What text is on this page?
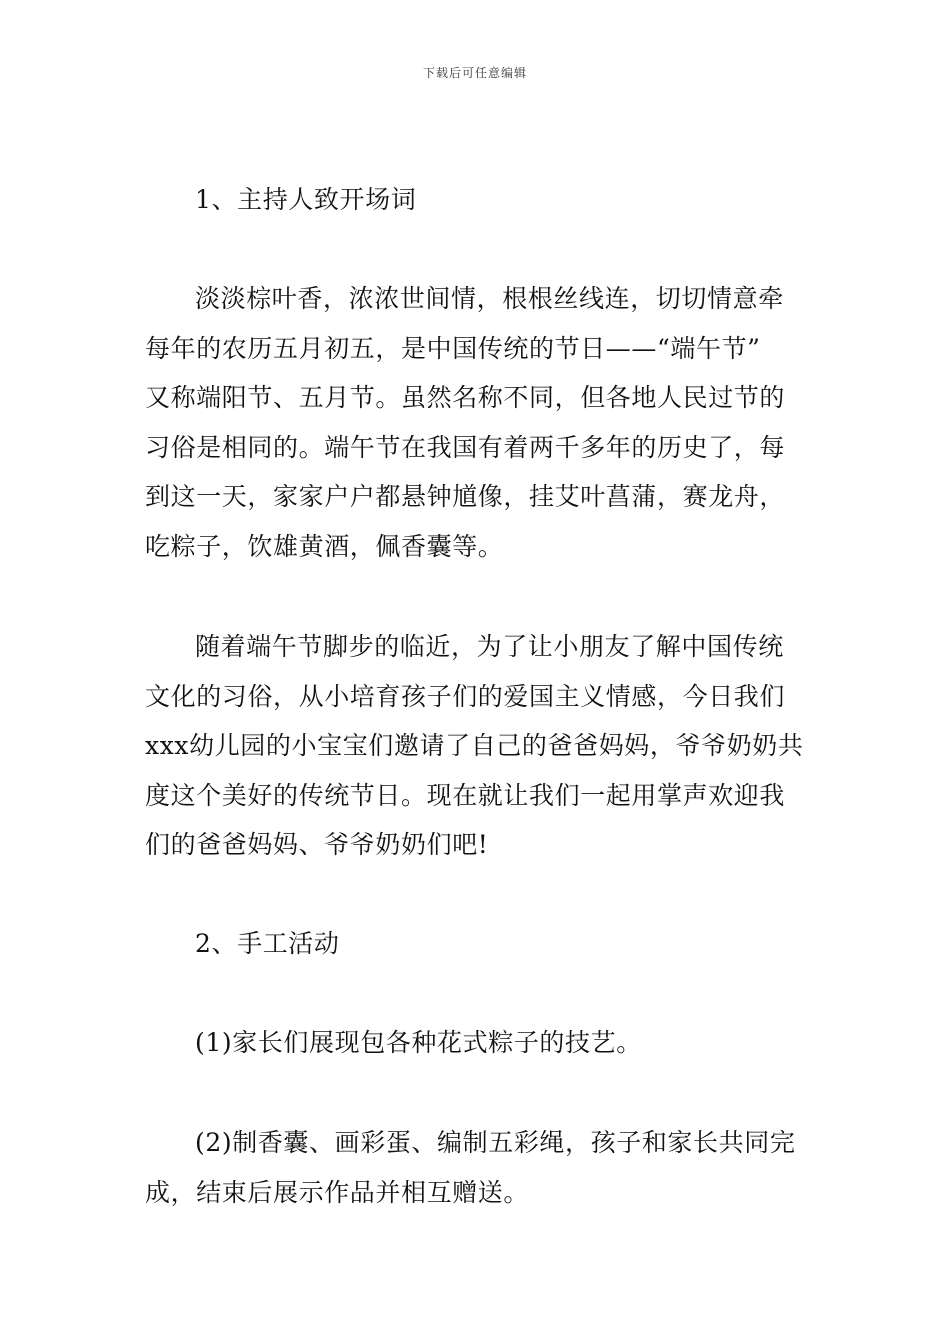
下载后可任意编辑
1、主持人致开场词
淡淡棕叶香，浓浓世间情，根根丝线连，切切情意牵
每年的农历五月初五，是中国传统的节日——“端午节”
又称端阳节、五月节。虽然名称不同，但各地人民过节的
习俗是相同的。端午节在我国有着两千多年的历史了，每
到这一天，家家户户都悬钟馗像，挂艾叶菖蒲，赛龙舟，
吃粽子，饮雄黄酒，佩香囊等。
随着端午节脚步的临近，为了让小朋友了解中国传统
文化的习俗，从小培育孩子们的爱国主义情感，今日我们
xxx幼儿园的小宝宝们邀请了自己的爸爸妈妈，爷爷奶奶共
度这个美好的传统节日。现在就让我们一起用掌声欢迎我
们的爸爸妈妈、爷爷奶奶们吧!
2、手工活动
(1)家长们展现包各种花式粽子的技艺。
(2)制香囊、画彩蛋、编制五彩绳，孩子和家长共同完
成，结束后展示作品并相互赠送。
